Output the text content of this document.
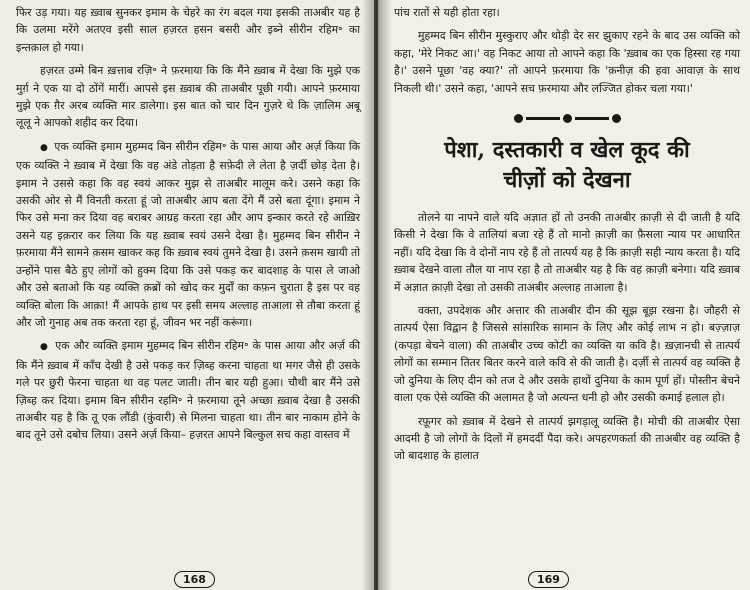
फिर उड़ गया। यह ख़्वाब सुनकर इमाम के चेहरे का रंग बदल गया इसकी ताअबीर यह है कि उलमा मरेंगे अतएव इसी साल हज़रत हसन बसरी और इब्ने सीरीन रहिम॰ का इन्तक़ाल हो गया।

हज़रत उम्मे बिन ख़त्ताब रज़ि॰ ने फ़रमाया कि कि मैंने ख़्वाब में देखा कि मुझे एक मुर्ग़ ने एक या दो ठोंगें मारीं। आपसे इस ख़्वाब की ताअबीर पूछी गयी। आपने फ़रमाया मुझे एक ग़ैर अरब व्यक्ति मार डालेगा। इस बात को चार दिन गुज़रे थे कि ज़ालिम अबू लूलू ने आपको शहीद कर दिया।

●  एक व्यक्ति इमाम मुहम्मद बिन सीरीन रहिम॰ के पास आया और अर्ज़ किया कि एक व्यक्ति ने ख़्वाब में देखा कि वह अंडे तोड़ता है सफ़ेदी ले लेता है ज़र्दी छोड़ देता है। इमाम ने उससे कहा कि वह स्वयं आकर मुझ से ताअबीर मालूम करे। उसने कहा कि उसकी ओर से मैं विनती करता हूं जो ताअबीर आप बता देंगे मैं उसे बता दूंगा। इमाम ने फिर उसे मना कर दिया वह बराबर आग्रह करता रहा और आप इन्कार करते रहे आख़िर उसने यह इक़रार कर लिया कि यह ख़्वाब स्वयं उसने देखा है। मुहम्मद बिन सीरीन ने फ़रमाया मैंने सामने क़सम खाकर कह कि ख़्वाब स्वयं तुमने देखा है। उसने क़सम खायी तो उन्होंने पास बैठे हुए लोगों को हुक्म दिया कि उसे पकड़ कर बादशाह के पास ले जाओ और उसे बताओ कि यह व्यक्ति क़ब्रों को खोद कर मुर्दों का कफ़न चुराता है इस पर वह व्यक्ति बोला कि आक़ा! मैं आपके हाथ पर इसी समय अल्लाह ताआला से तौबा करता हूं और जो गुनाह अब तक करता रहा हूं, जीवन भर नहीं करूंगा।

●  एक और व्यक्ति इमाम मुहम्मद बिन सीरीन रहिम॰ के पास आया और अर्ज़ की कि मैंने ख़्वाब में काँच देखी है उसे पकड़ कर ज़िब्ह करना चाहता था मगर जैसे ही उसके गले पर छुरी फेरना चाहता था वह पलट जाती। तीन बार यही हुआ। चौथी बार मैंने उसे ज़िब्ह कर दिया। इमाम बिन सीरीन रहमि॰ ने फ़रमाया तूने अच्छा ख़्वाब देखा है उसकी ताअबीर यह है कि तू एक लौंडी (कुंवारी) से मिलना चाहता था। तीन बार नाकाम होने के बाद तूने उसे दबोच लिया। उसने अर्ज़ किया– हज़रत आपने बिल्कुल सच कहा वास्तव में

168

पांच रातों से यही होता रहा।

मुहम्मद बिन सीरीन मुस्कुराए और थोड़ी देर सर झुकाए रहने के बाद उस व्यक्ति को कहा, 'मेरे निकट आ।' वह निकट आया तो आपने कहा कि 'ख़्वाब का एक हिस्सा रह गया है।' उसने पूछा 'वह क्या?' तो आपने फ़रमाया कि 'क़नीज़ की हवा आवाज़ के साथ निकली थी।' उसने कहा, 'आपने सच फ़रमाया और लज्जित होकर चला गया।'

पेशा, दस्तकारी व खेल कूद की
चीज़ों को देखना

तोलने या नापने वाले यदि अज्ञात हों तो उनकी ताअबीर क़ाज़ी से दी जाती है यदि किसी ने देखा कि वे तालियां बजा रहे हैं तो मानो क़ाज़ी का फ़ैसला न्याय पर आधारित नहीं। यदि देखा कि वे दोनों नाप रहे हैं तो तात्पर्य यह है कि क़ाज़ी सही न्याय करता है। यदि ख़्वाब देखने वाला तौल या नाप रहा है तो ताअबीर यह है कि वह क़ाज़ी बनेगा। यदि ख़्वाब में अज्ञात क़ाज़ी देखा तो उसकी ताअबीर अल्लाह ताआला है।

वक्ता, उपदेशक और अत्तार की ताअबीर दीन की सूझ बूझ रखना है। जौहरी से तात्पर्य ऐसा विद्वान है जिससे सांसारिक सामान के लिए और कोई लाभ न हो। बज़्ज़ाज़ (कपड़ा बेचने वाला) की ताअबीर उच्च कोटी का व्यक्ति या कवि है। ख़ज़ानची से तात्पर्य लोगों का सम्मान तितर बितर करने वाले कवि से की जाती है। दर्ज़ी से तात्पर्य वह व्यक्ति है जो दुनिया के लिए दीन को तज दे और उसके हाथों दुनिया के काम पूर्ण हों। पोस्तीन बेचने वाला एक ऐसे व्यक्ति की अलामत है जो अत्यन्त धनी हो और उसकी कमाई हलाल हो।

रफ़ूगर को ख़्वाब में देखने से तात्पर्य झगड़ालू व्यक्ति है। मोची की ताअबीर ऐसा आदमी है जो लोगों के दिलों में हमदर्दी पैदा करे। अपहरणकर्ता की ताअबीर वह व्यक्ति है जो बादशाह के हालात

169
